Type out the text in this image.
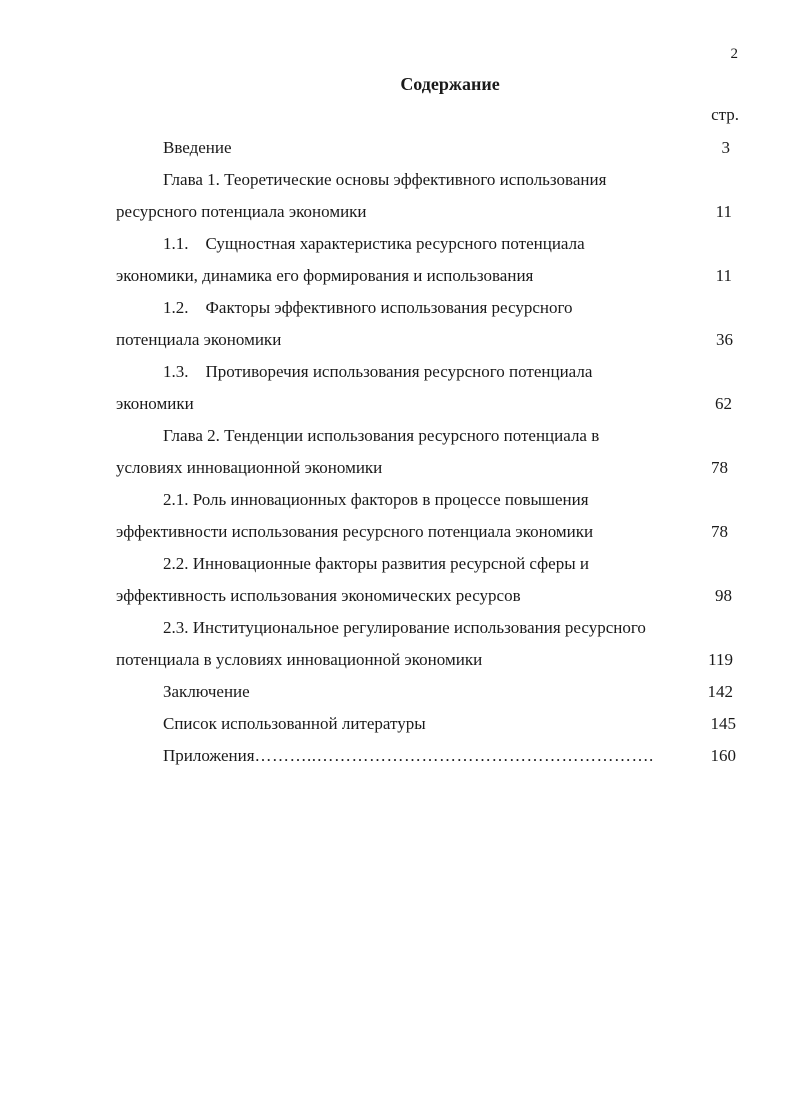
2
Содержание
стр.
Введение	3
Глава 1. Теоретические основы эффективного использования
ресурсного потенциала экономики	11
1.1.    Сущностная характеристика ресурсного потенциала
экономики, динамика его формирования и использования	11
1.2.    Факторы эффективного использования ресурсного
потенциала экономики	36
1.3.    Противоречия использования ресурсного потенциала
экономики	62
Глава 2. Тенденции использования ресурсного потенциала в
условиях инновационной экономики	78
2.1. Роль инновационных факторов в процессе повышения
эффективности использования ресурсного потенциала экономики	78
2.2. Инновационные факторы развития ресурсной сферы и
эффективность использования экономических ресурсов	98
2.3. Институциональное регулирование использования ресурсного
потенциала в условиях инновационной экономики	119
Заключение	142
Список использованной литературы	145
Приложения ………..………………………………………………….	160
